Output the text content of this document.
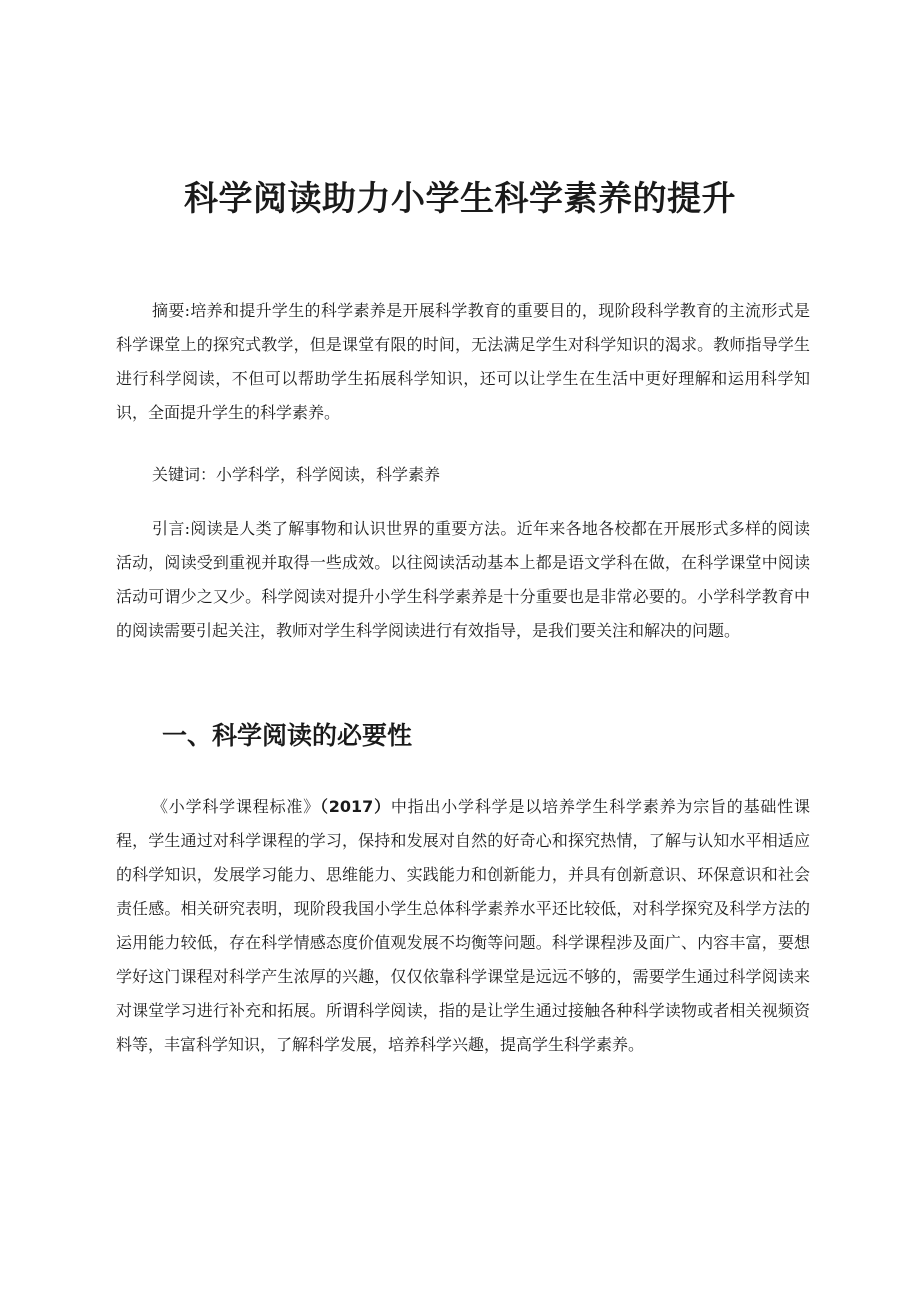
科学阅读助力小学生科学素养的提升

摘要:培养和提升学生的科学素养是开展科学教育的重要目的，现阶段科学教育的主流形式是科学课堂上的探究式教学，但是课堂有限的时间，无法满足学生对科学知识的渴求。教师指导学生进行科学阅读，不但可以帮助学生拓展科学知识，还可以让学生在生活中更好理解和运用科学知识，全面提升学生的科学素养。

关键词：小学科学，科学阅读，科学素养

引言:阅读是人类了解事物和认识世界的重要方法。近年来各地各校都在开展形式多样的阅读活动，阅读受到重视并取得一些成效。以往阅读活动基本上都是语文学科在做，在科学课堂中阅读活动可谓少之又少。科学阅读对提升小学生科学素养是十分重要也是非常必要的。小学科学教育中的阅读需要引起关注，教师对学生科学阅读进行有效指导，是我们要关注和解决的问题。

一、科学阅读的必要性

《小学科学课程标准》（2017）中指出小学科学是以培养学生科学素养为宗旨的基础性课程，学生通过对科学课程的学习，保持和发展对自然的好奇心和探究热情，了解与认知水平相适应的科学知识，发展学习能力、思维能力、实践能力和创新能力，并具有创新意识、环保意识和社会责任感。相关研究表明，现阶段我国小学生总体科学素养水平还比较低，对科学探究及科学方法的运用能力较低，存在科学情感态度价值观发展不均衡等问题。科学课程涉及面广、内容丰富，要想学好这门课程对科学产生浓厚的兴趣，仅仅依靠科学课堂是远远不够的，需要学生通过科学阅读来对课堂学习进行补充和拓展。所谓科学阅读，指的是让学生通过接触各种科学读物或者相关视频资料等，丰富科学知识，了解科学发展，培养科学兴趣，提高学生科学素养。
